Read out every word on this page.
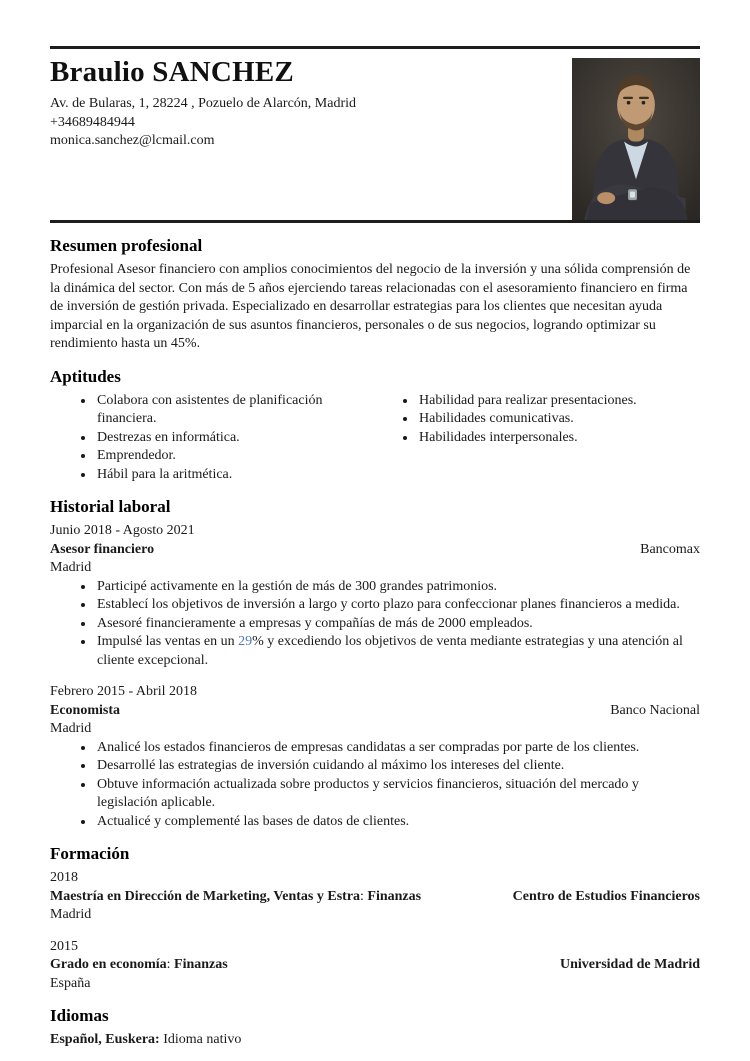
Braulio SANCHEZ
Av. de Bularas, 1, 28224 , Pozuelo de Alarcón, Madrid
+34689484944
monica.sanchez@lcmail.com
Resumen profesional

Profesional Asesor financiero con amplios conocimientos del negocio de la inversión y una sólida comprensión de la dinámica del sector. Con más de 5 años ejerciendo tareas relacionadas con el asesoramiento financiero en firma de inversión de gestión privada. Especializado en desarrollar estrategias para los clientes que necesitan ayuda imparcial en la organización de sus asuntos financieros, personales o de sus negocios, logrando optimizar su rendimiento hasta un 45%.

Aptitudes
• Colabora con asistentes de planificación financiera.
• Destrezas en informática.
• Emprendedor.
• Hábil para la aritmética.
• Habilidad para realizar presentaciones.
• Habilidades comunicativas.
• Habilidades interpersonales.
Historial laboral
Junio 2018 - Agosto 2021
Asesor financiero	Bancomax
Madrid
• Participé activamente en la gestión de más de 300 grandes patrimonios.
• Establecí los objetivos de inversión a largo y corto plazo para confeccionar planes financieros a medida.
• Asesoré financieramente a empresas y compañías de más de 2000 empleados.
• Impulsé las ventas en un 29% y excediendo los objetivos de venta mediante estrategias y una atención al cliente excepcional.
Febrero 2015 - Abril 2018
Economista	Banco Nacional
Madrid
• Analicé los estados financieros de empresas candidatas a ser compradas por parte de los clientes.
• Desarrollé las estrategias de inversión cuidando al máximo los intereses del cliente.
• Obtuve información actualizada sobre productos y servicios financieros, situación del mercado y legislación aplicable.
• Actualicé y complementé las bases de datos de clientes.
Formación
2018
Maestría en Dirección de Marketing, Ventas y Estra: Finanzas	Centro de Estudios Financieros
Madrid
2015
Grado en economía: Finanzas	Universidad de Madrid
España
Idiomas
Español, Euskera: Idioma nativo
